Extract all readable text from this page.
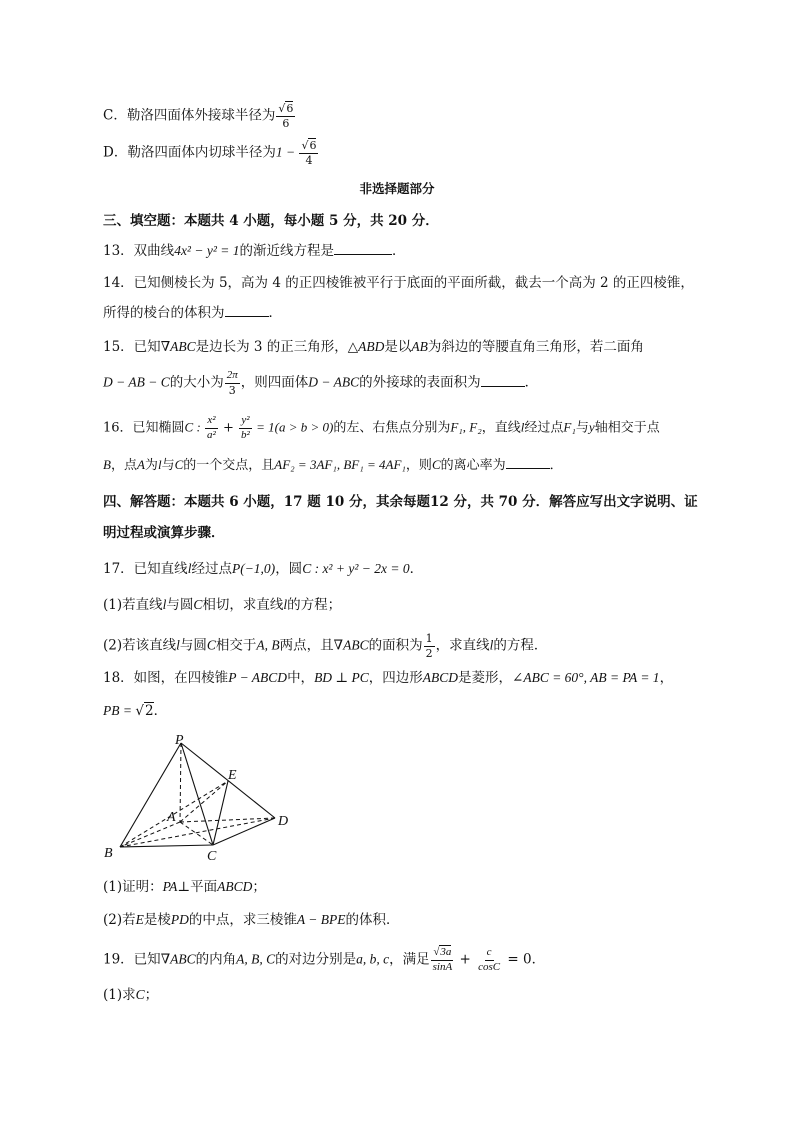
C．勒洛四面体外接球半径为 $\frac{√6}{6}$
D．勒洛四面体内切球半径为$1 - \frac{√6}{4}$
非选择题部分
三、填空题：本题共 4 小题，每小题 5 分，共 20 分．
13．双曲线4x² − y² = 1的渐近线方程是	．
14．已知侧棱长为 5，高为 4 的正四棱锥被平行于底面的平面所截，截去一个高为 2 的正四棱锥，
所得的棱台的体积为	．
15．已知∇ABC是边长为 3 的正三角形，△ABD是以AB为斜边的等腰直角三角形，若二面角
D − AB − C的大小为 $\frac{2\pi}{3}$ ，则四面体D − ABC的外接球的表面积为	．
16．已知椭圆C : $\frac{\text{x²}}{\text{a²}} + \frac{\text{y²}}{\text{b²}} = 1(a > b > 0)$的左、右焦点分别为F₁, F₂，直线l经过点F₁与y轴相交于点
B，点A为l与C的一个交点，且AF₂ = 3AF₁, BF₁ = 4AF₁，则C的离心率为	．
四、解答题：本题共 6 小题，17 题 10 分，其余每题12 分，共 70 分．解答应写出文字说明、证
明过程或演算步骤．
17．已知直线l经过点P(−1,0)，圆C : x² + y² − 2x = 0．
(1)若直线l与圆C相切，求直线l的方程；
(2)若该直线l与圆C相交于A, B两点，且∇ABC的面积为 $\frac{1}{2}$ ，求直线l的方程．
18．如图，在四棱锥P − ABCD中，BD ⊥ PC，四边形ABCD是菱形，∠ABC = 60°, AB = PA = 1，
PB = √2．
P
E
A	D
B	C
(1)证明：PA⊥平面ABCD；
(2)若E是棱PD的中点，求三棱锥A − BPE的体积．
19．已知∇ABC的内角A, B, C的对边分别是a, b, c，满足 $\frac{√3a}{\sin A} + \frac{c}{\cos C} = 0$．
(1)求C；
